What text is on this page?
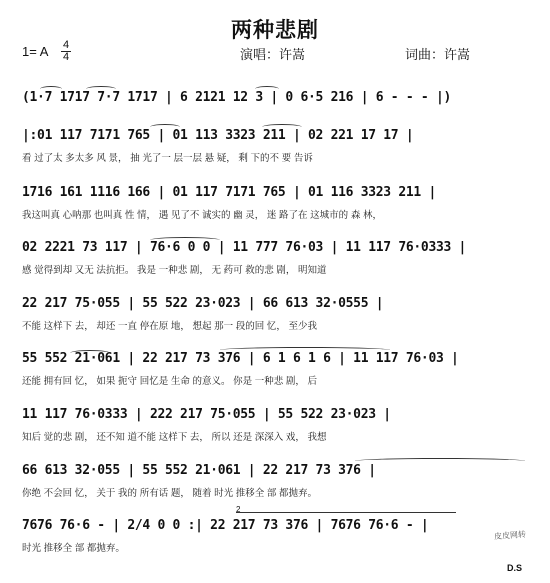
两种悲剧
1= A 4
4	演唱：许嵩	词曲：许嵩
(1·7 1717 7·7 1717 | 6 2121 12 3 | 0 6·5 216 | 6 - - - |)
|:01 117 7171 765 | 01 113 3323 211 | 02 221 17 17 |
看 过了太 多太多 风 景， 抽 光了一 层一层 悬 疑， 剩 下的不 要 告诉
1716 161 1116 166 | 01 117 7171 765 | 01 116 3323 211 |
我这叫真 心呐那 也叫真 性 情， 遇 见了不 诚实的 幽 灵， 迷 路了在 这城市的 森 林，
02 2221 73 117 | 76·6 0 0 | 11 777 76·03 | 11 117 76·0333 |
感 觉得到却 又无 法抗拒。 我是 一种悲 剧， 无 药可 救的悲 剧， 明知道
22 217 75·055 | 55 522 23·023 | 66 613 32·0555 |
不能 这样下 去， 却还 一直 停在原 地， 想起 那一 段的回 忆， 至少我
55 552 21·061 | 22 217 73 376 | 6 1 6 1 6 | 11 117 76·03 |
还能 拥有回 忆， 如果 扼守 回忆是 生命 的意义。 你是 一种悲 剧， 后
11 117 76·0333 | 222 217 75·055 | 55 522 23·023 |
知后 觉的悲 剧， 还不知 道不能 这样下 去， 所以 还是 深深入 戏， 我想
66 613 32·055 | 55 552 21·061 | 22 217 73 376 |
你绝 不会回 忆， 关于 我的 所有话 题， 随着 时光 推移全 部 都抛弃。
7676 76·6 - | 2/4 0 0 :| 22 217 73 376 | 7676 76·6 - |
时光 推移全 部 都抛弃。
2
皮皮网转
D.S
